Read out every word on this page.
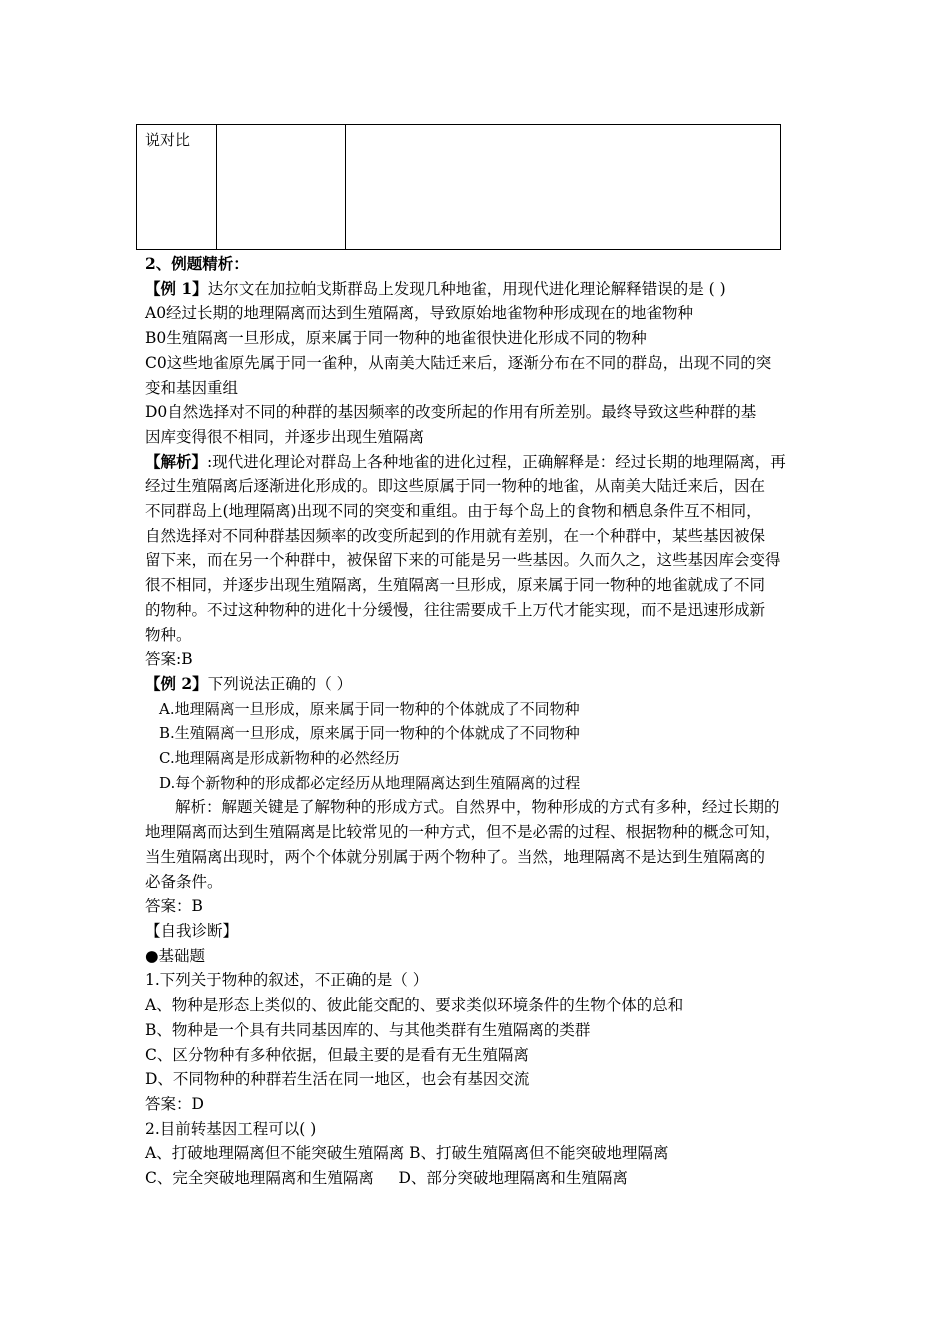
说对比		

2、例题精析：

【例 1】达尔文在加拉帕戈斯群岛上发现几种地雀，用现代进化理论解释错误的是 ( )

A0经过长期的地理隔离而达到生殖隔离，导致原始地雀物种形成现在的地雀物种

B0生殖隔离一旦形成，原来属于同一物种的地雀很快进化形成不同的物种

C0这些地雀原先属于同一雀种，从南美大陆迁来后，逐渐分布在不同的群岛，出现不同的突

变和基因重组

D0自然选择对不同的种群的基因频率的改变所起的作用有所差别。最终导致这些种群的基

因库变得很不相同，并逐步出现生殖隔离

【解析】:现代进化理论对群岛上各种地雀的进化过程，正确解释是：经过长期的地理隔离，再

经过生殖隔离后逐渐进化形成的。即这些原属于同一物种的地雀，从南美大陆迁来后，因在

不同群岛上(地理隔离)出现不同的突变和重组。由于每个岛上的食物和栖息条件互不相同，

自然选择对不同种群基因频率的改变所起到的作用就有差别，在一个种群中，某些基因被保

留下来，而在另一个种群中，被保留下来的可能是另一些基因。久而久之，这些基因库会变得

很不相同，并逐步出现生殖隔离，生殖隔离一旦形成，原来属于同一物种的地雀就成了不同

的物种。不过这种物种的进化十分缓慢，往往需要成千上万代才能实现，而不是迅速形成新

物种。

答案:B

【例 2】下列说法正确的（ ）

A.地理隔离一旦形成，原来属于同一物种的个体就成了不同物种

B.生殖隔离一旦形成，原来属于同一物种的个体就成了不同物种

C.地理隔离是形成新物种的必然经历

D.每个新物种的形成都必定经历从地理隔离达到生殖隔离的过程

解析：解题关键是了解物种的形成方式。自然界中，物种形成的方式有多种，经过长期的

地理隔离而达到生殖隔离是比较常见的一种方式，但不是必需的过程、根据物种的概念可知，

当生殖隔离出现时，两个个体就分别属于两个物种了。当然，地理隔离不是达到生殖隔离的

必备条件。

答案：B

【自我诊断】

●基础题

1.下列关于物种的叙述，不正确的是（ ）

A、物种是形态上类似的、彼此能交配的、要求类似环境条件的生物个体的总和

B、物种是一个具有共同基因库的、与其他类群有生殖隔离的类群

C、区分物种有多种依据，但最主要的是看有无生殖隔离

D、不同物种的种群若生活在同一地区，也会有基因交流

答案：D

2.目前转基因工程可以( )

A、打破地理隔离但不能突破生殖隔离 B、打破生殖隔离但不能突破地理隔离

C、完全突破地理隔离和生殖隔离     D、部分突破地理隔离和生殖隔离
